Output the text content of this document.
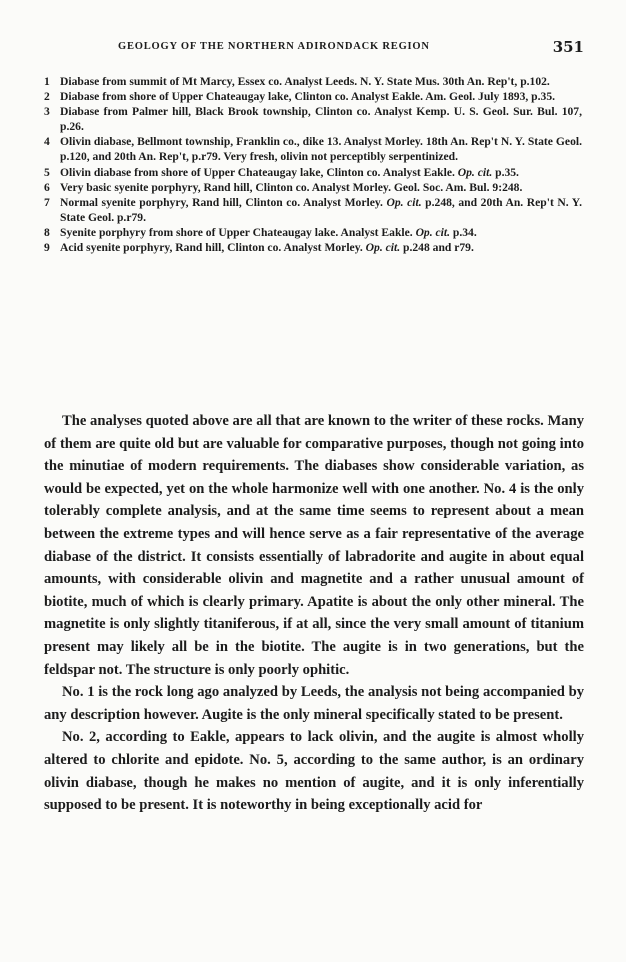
GEOLOGY OF THE NORTHERN ADIRONDACK REGION	351
1 Diabase from summit of Mt Marcy, Essex co. Analyst Leeds. N. Y. State Mus. 30th An. Rep't, p.102.
2 Diabase from shore of Upper Chateaugay lake, Clinton co. Analyst Eakle. Am. Geol. July 1893, p.35.
3 Diabase from Palmer hill, Black Brook township, Clinton co. Analyst Kemp. U. S. Geol. Sur. Bul. 107, p.26.
4 Olivin diabase, Bellmont township, Franklin co., dike 13. Analyst Morley. 18th An. Rep't N. Y. State Geol. p.120, and 20th An. Rep't, p.r79. Very fresh, olivin not perceptibly serpentinized.
5 Olivin diabase from shore of Upper Chateaugay lake, Clinton co. Analyst Eakle. Op. cit. p.35.
6 Very basic syenite porphyry, Rand hill, Clinton co. Analyst Morley. Geol. Soc. Am. Bul. 9:248.
7 Normal syenite porphyry, Rand hill, Clinton co. Analyst Morley. Op. cit. p.248, and 20th An. Rep't N. Y. State Geol. p.r79.
8 Syenite porphyry from shore of Upper Chateaugay lake. Analyst Eakle. Op. cit. p.34.
9 Acid syenite porphyry, Rand hill, Clinton co. Analyst Morley. Op. cit. p.248 and r79.

The analyses quoted above are all that are known to the writer of these rocks. Many of them are quite old but are valuable for comparative purposes, though not going into the minutiae of modern requirements. The diabases show considerable variation, as would be expected, yet on the whole harmonize well with one another. No. 4 is the only tolerably complete analysis, and at the same time seems to represent about a mean between the extreme types and will hence serve as a fair representative of the average diabase of the district. It consists essentially of labradorite and augite in about equal amounts, with considerable olivin and magnetite and a rather unusual amount of biotite, much of which is clearly primary. Apatite is about the only other mineral. The magnetite is only slightly titaniferous, if at all, since the very small amount of titanium present may likely all be in the biotite. The augite is in two generations, but the feldspar not. The structure is only poorly ophitic.

No. 1 is the rock long ago analyzed by Leeds, the analysis not being accompanied by any description however. Augite is the only mineral specifically stated to be present.

No. 2, according to Eakle, appears to lack olivin, and the augite is almost wholly altered to chlorite and epidote. No. 5, according to the same author, is an ordinary olivin diabase, though he makes no mention of augite, and it is only inferentially supposed to be present. It is noteworthy in being exceptionally acid for
